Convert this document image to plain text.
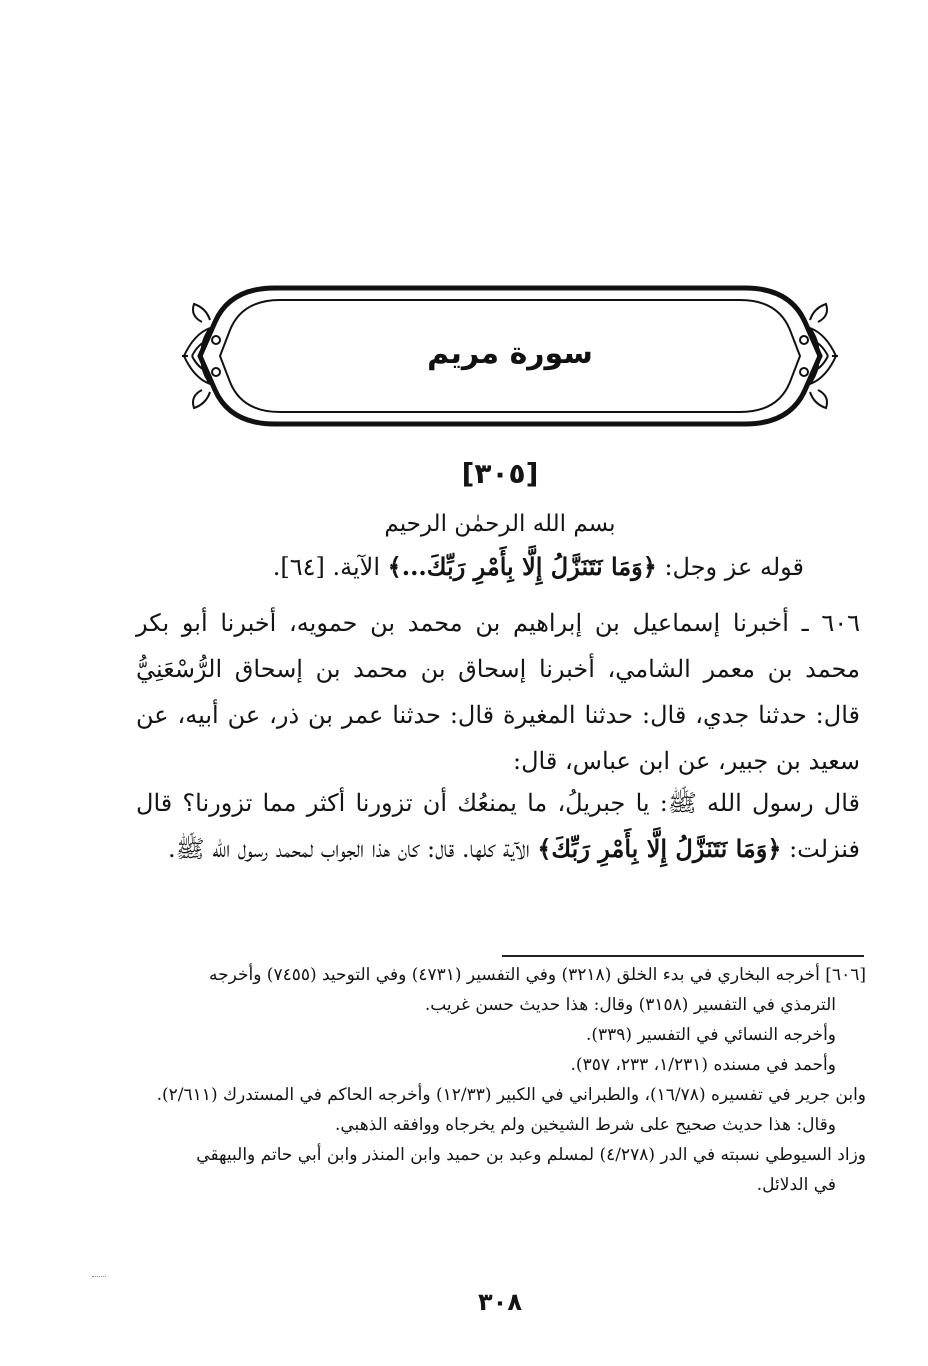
سورة مريم
[٣٠٥]
بسم الله الرحمٰن الرحيم
قوله عز وجل: ﴿وَمَا نَتَنَزَّلُ إِلَّا بِأَمْرِ رَبِّكَ...﴾ الآية. [٦٤].
٦٠٦ ـ أخبرنا إسماعيل بن إبراهيم بن محمد بن حمويه، أخبرنا أبو بكر محمد بن معمر الشامي، أخبرنا إسحاق بن محمد بن إسحاق الرُّسْعَنِيُّ قال: حدثنا جدي، قال: حدثنا المغيرة قال: حدثنا عمر بن ذر، عن أبيه، عن سعيد بن جبير، عن ابن عباس، قال:
قال رسول الله ﷺ: يا جبريلُ، ما يمنعُك أن تزورنا أكثر مما تزورنا؟ قال فنزلت: ﴿وَمَا نَتَنَزَّلُ إِلَّا بِأَمْرِ رَبِّكَ﴾ الآية كلها. قال: كان هذا الجواب لمحمد رسول الله ﷺ.
[٦٠٦] أخرجه البخاري في بدء الخلق (٣٢١٨) وفي التفسير (٤٧٣١) وفي التوحيد (٧٤٥٥) وأخرجه
الترمذي في التفسير (٣١٥٨) وقال: هذا حديث حسن غريب.
وأخرجه النسائي في التفسير (٣٣٩).
وأحمد في مسنده (١/٢٣١، ٢٣٣، ٣٥٧).
وابن جرير في تفسيره (١٦/٧٨)، والطبراني في الكبير (١٢/٣٣) وأخرجه الحاكم في المستدرك (٢/٦١١).
وقال: هذا حديث صحيح على شرط الشيخين ولم يخرجاه ووافقه الذهبي.
وزاد السيوطي نسبته في الدر (٤/٢٧٨) لمسلم وعبد بن حميد وابن المنذر وابن أبي حاتم والبيهقي
في الدلائل.
٣٠٨
